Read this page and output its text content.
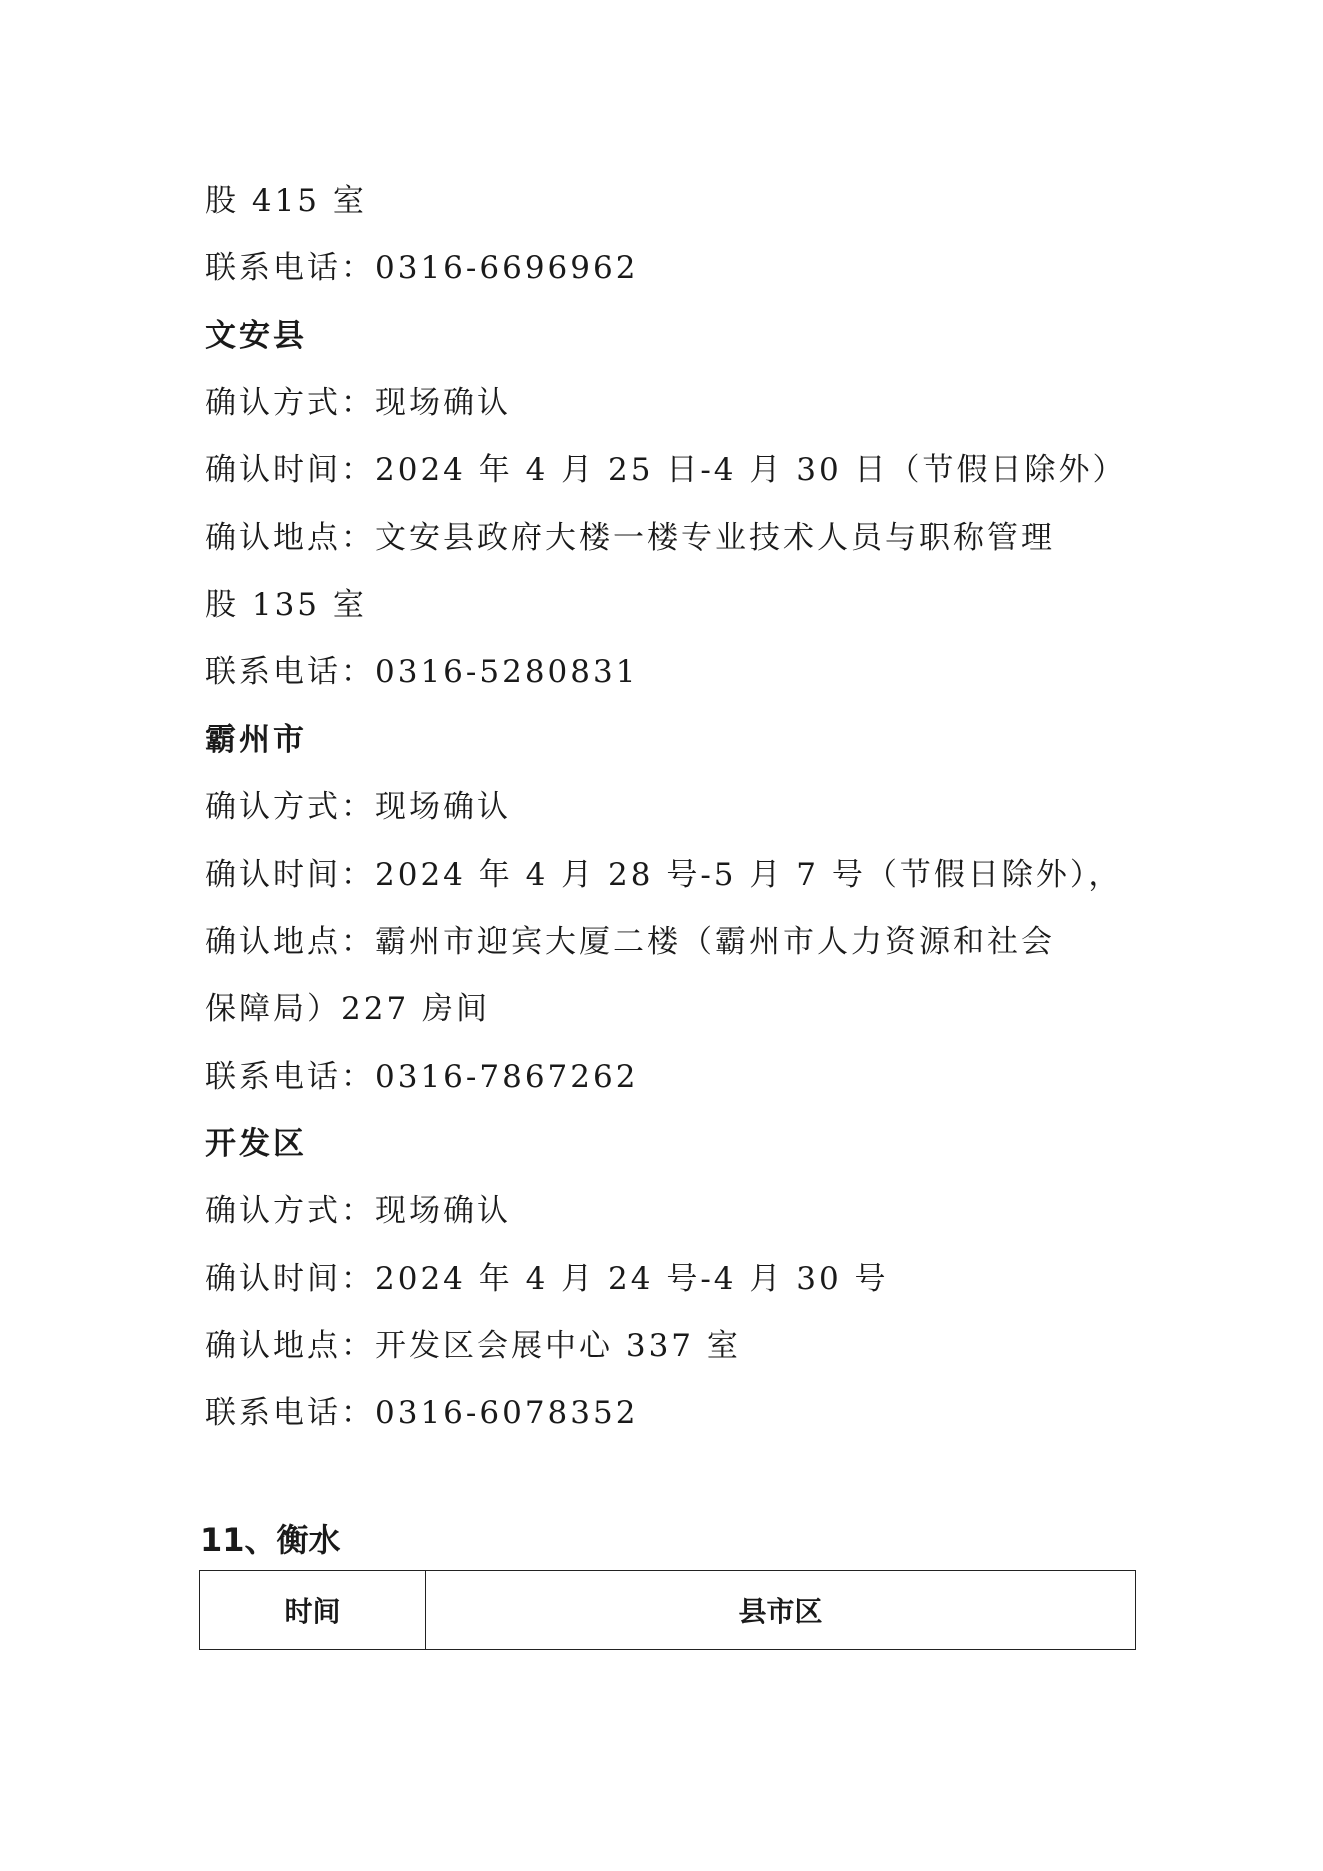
股 415 室
联系电话：0316-6696962
文安县
确认方式：现场确认
确认时间：2024 年 4 月 25 日-4 月 30 日（节假日除外）
确认地点：文安县政府大楼一楼专业技术人员与职称管理
股 135 室
联系电话：0316-5280831
霸州市
确认方式：现场确认
确认时间：2024 年 4 月 28 号-5 月 7 号（节假日除外），
确认地点：霸州市迎宾大厦二楼（霸州市人力资源和社会
保障局）227 房间
联系电话：0316-7867262
开发区
确认方式：现场确认
确认时间：2024 年 4 月 24 号-4 月 30 号
确认地点：开发区会展中心 337 室
联系电话：0316-6078352
11、衡水
时间	县市区
